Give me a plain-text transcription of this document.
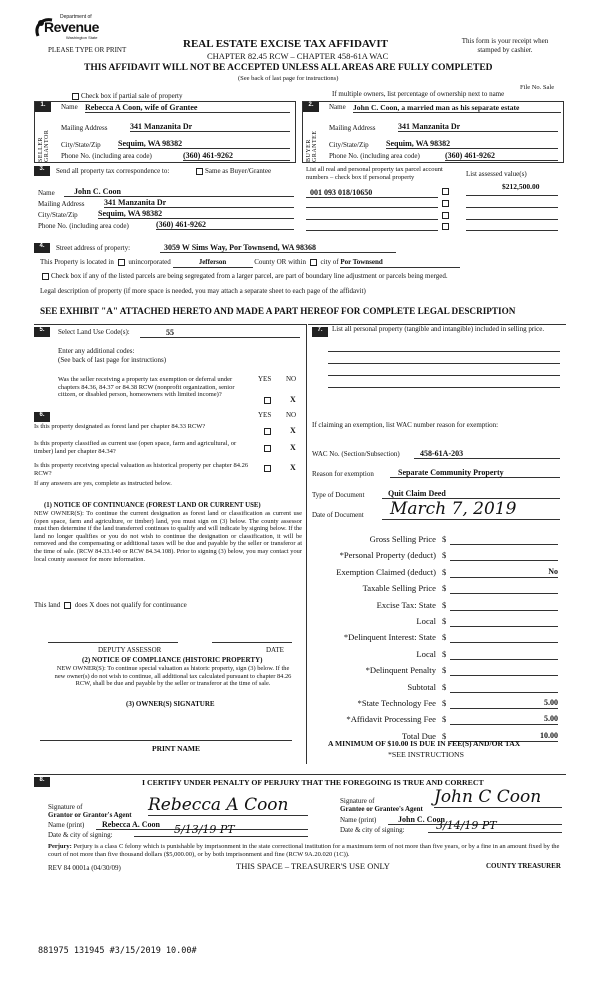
Department of
Revenue
Washington State
PLEASE TYPE OR PRINT	REAL ESTATE EXCISE TAX AFFIDAVIT
CHAPTER 82.45 RCW – CHAPTER 458-61A WAC
This form is your receipt when stamped by cashier.
THIS AFFIDAVIT WILL NOT BE ACCEPTED UNLESS ALL AREAS ARE FULLY COMPLETED
(See back of last page for instructions)
Check box if partial sale of property	If multiple owners, list percentage of ownership next to name
File No. Sale
1.
SELLER GRANTOR
Name Rebecca A Coon, wife of Grantee
Mailing Address	341 Manzanita Dr
City/State/Zip Sequim, WA 98382
Phone No. (including area code)	(360) 461-9262
2.
BUYER GRANTEE
Name John C. Coon, a married man as his separate estate
Mailing Address	341 Manzanita Dr
City/State/Zip Sequim, WA 98382
Phone No. (including area code)	(360) 461-9262
3.	Send all property tax correspondence to:	Same as Buyer/Grantee
Name	John C. Coon
Mailing Address 341 Manzanita Dr
City/State/Zip	Sequim, WA 98382
Phone No. (including area code)	(360) 461-9262
List all real and personal property tax parcel account numbers – check box if personal property	List assessed value(s)
$212,500.00
001 093 018/10650
4.	Street address of property:	3059 W Sims Way, Por Townsend, WA 98368
This Property is located in unincorporated	Jefferson	County OR within city of Por Townsend
Check box if any of the listed parcels are being segregated from a larger parcel, are part of boundary line adjustment or parcels being merged.
Legal description of property (if more space is needed, you may attach a separate sheet to each page of the affidavit)
SEE EXHIBIT "A" ATTACHED HERETO AND MADE A PART HEREOF FOR COMPLETE LEGAL DESCRIPTION
5.	Select Land Use Code(s):	55
Enter any additional codes:
(See back of last page for instructions)
YES NO
Was the seller receiving a property tax exemption or deferral under chapters 84.36, 84.37 or 84.38 RCW (nonprofit organization, senior citizen, or disabled person, homeowners with limited income)?
X
6.	YES NO
Is this property designated as forest land per chapter 84.33 RCW?	X
Is this property classified as current use (open space, farm and agricultural, or timber) land per chapter 84.34?	X
Is this property receiving special valuation as historical property per chapter 84.26 RCW?
X
If any answers are yes, complete as instructed below.
(1) NOTICE OF CONTINUANCE (FOREST LAND OR CURRENT USE)
NEW OWNER(S): To continue the current designation as forest land or classification as current use (open space, farm and agriculture, or timber) land, you must sign on (3) below. The county assessor must then determine if the land transferred continues to qualify and will indicate by signing below. If the land no longer qualifies or you do not wish to continue the designation or classification, it will be removed and the compensating or additional taxes will be due and payable by the seller or transferor at the time of sale. (RCW 84.33.140 or RCW 84.34.108). Prior to signing (3) below, you may contact your local county assessor for more information.
This land does X does not qualify for continuance
DEPUTY ASSESSOR	DATE
(2) NOTICE OF COMPLIANCE (HISTORIC PROPERTY)
NEW OWNER(S): To continue special valuation as historic property, sign (3) below. If the new owner(s) do not wish to continue, all additional tax calculated pursuant to chapter 84.26 RCW, shall be due and payable by the seller or transferor at the time of sale.
(3) OWNER(S) SIGNATURE
PRINT NAME
7.	List all personal property (tangible and intangible) included in selling price.
If claiming an exemption, list WAC number reason for exemption:
WAC No. (Section/Subsection)	458-61A-203
Reason for exemption	Separate Community Property
Type of Document	Quit Claim Deed
Date of Document	March 7, 2019
Gross Selling Price $
*Personal Property (deduct) $
Exemption Claimed (deduct) $	No
Taxable Selling Price $
Excise Tax: State $
Local $
*Delinquent Interest: State $
Local $
*Delinquent Penalty $
Subtotal $
*State Technology Fee $	5.00
*Affidavit Processing Fee $	5.00
Total Due $	10.00
A MINIMUM OF $10.00 IS DUE IN FEE(S) AND/OR TAX
*SEE INSTRUCTIONS
8.	I CERTIFY UNDER PENALTY OF PERJURY THAT THE FOREGOING IS TRUE AND CORRECT
Signature of
Grantor or Grantor's Agent Rebecca A Coon
Name (print)	Rebecca A. Coon
Date & city of signing:	5/13/19 PT
Signature of
Grantee or Grantee's Agent
John C Coon
Name (print)	John C. Coon
Date & city of signing:	3/14/19 PT
Perjury: Perjury is a class C felony which is punishable by imprisonment in the state correctional institution for a maximum term of not more than five years, or by a fine in an amount fixed by the court of not more than five thousand dollars ($5,000.00), or by both imprisonment and fine (RCW 9A.20.020 (1C)).
REV 84 0001a (04/30/09)	THIS SPACE – TREASURER'S USE ONLY	COUNTY TREASURER
881975 131945 #3/15/2019 10.00#
